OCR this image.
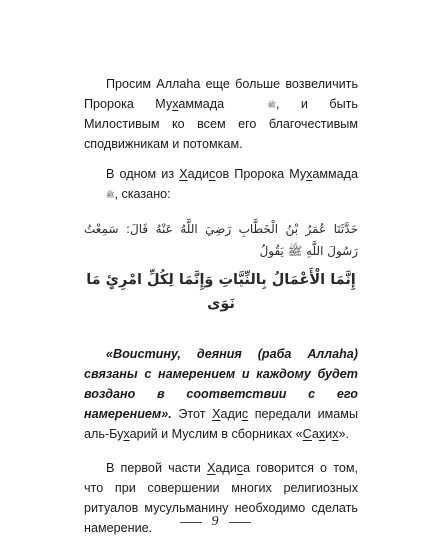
Просим Аллаhа еще больше возвеличить Пророка Мухаммада	ﷺ, и быть Милостивым ко всем его благочестивым сподвижникам и потомкам.

В одном из Хадисов Пророка Мухаммада ﷺ, сказано:

حَدَّثَنَا عُمَرُ بْنُ الْخَطَّابِ رَضِيَ اللَّهُ عَنْهُ قَالَ: سَمِعْتُ رَسُولَ اللَّهِ ﷺ يَقُولُ

إِنَّمَا الْأَعْمَالُ بِالنِّيَّاتِ وَإِنَّمَا لِكُلِّ امْرِئٍ مَا نَوَى

«Воистину, деяния (раба Аллаhа) связаны с намерением и каждому будет воздано в соответствии с его намерением». Этот Хадис передали имамы аль-Бухарий и Муслим в сборниках «Сахих».

В первой части Хадиса говорится о том, что при совершении многих религиозных ритуалов мусульманину необходимо сделать намерение.	9
